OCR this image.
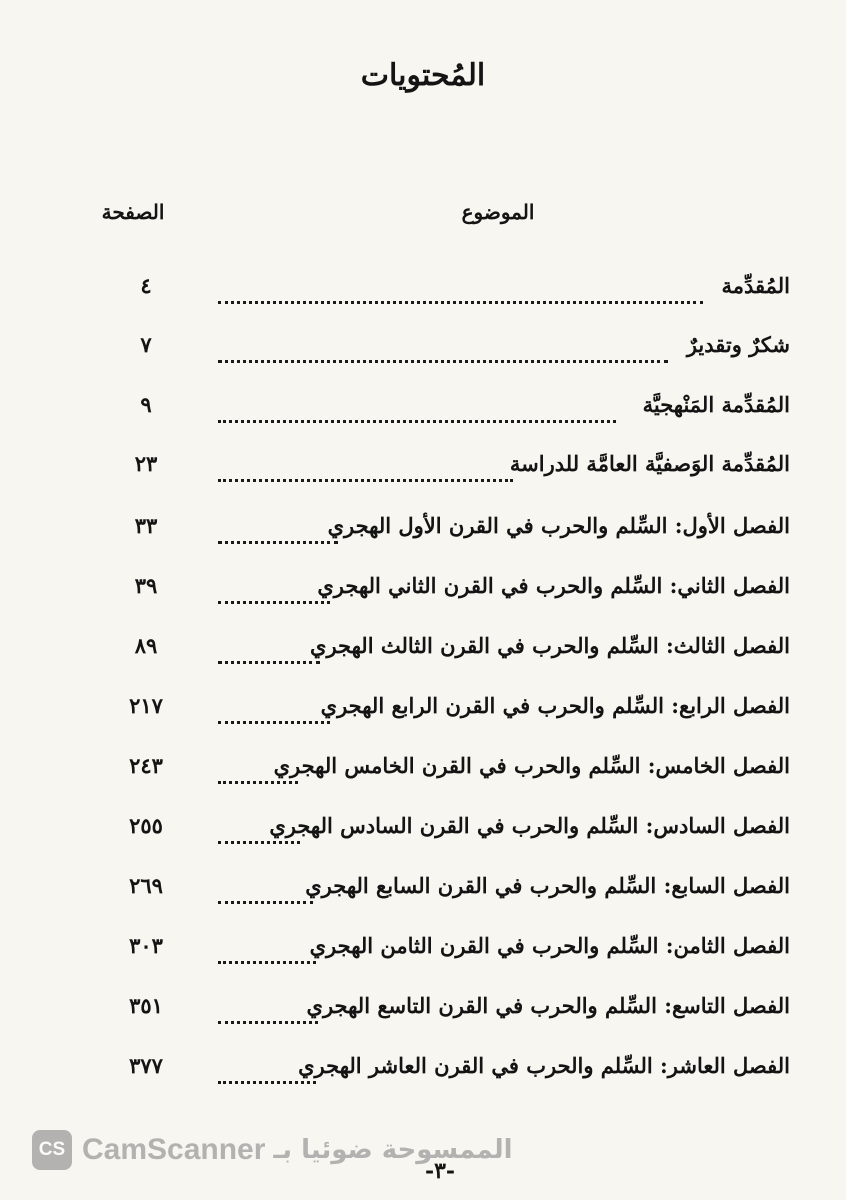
المُحتويات
الموضوع
الصفحة
المُقدِّمة
٤
شكرٌ وتقديرٌ
٧
المُقدِّمة المَنْهجيَّة
٩
المُقدِّمة الوَصفيَّة العامَّة للدراسة
٢٣
الفصل الأول: السِّلم والحرب في القرن الأول الهجري
٣٣
الفصل الثاني: السِّلم والحرب في القرن الثاني الهجري
٣٩
الفصل الثالث: السِّلم والحرب في القرن الثالث الهجري
٨٩
الفصل الرابع: السِّلم والحرب في القرن الرابع الهجري
٢١٧
الفصل الخامس: السِّلم والحرب في القرن الخامس الهجري
٢٤٣
الفصل السادس: السِّلم والحرب في القرن السادس الهجري
٢٥٥
الفصل السابع: السِّلم والحرب في القرن السابع الهجري
٢٦٩
الفصل الثامن: السِّلم والحرب في القرن الثامن الهجري
٣٠٣
الفصل التاسع: السِّلم والحرب في القرن التاسع الهجري
٣٥١
الفصل العاشر: السِّلم والحرب في القرن العاشر الهجري
٣٧٧
CS CamScanner الممسوحة ضوئيا بـ
-٣-
